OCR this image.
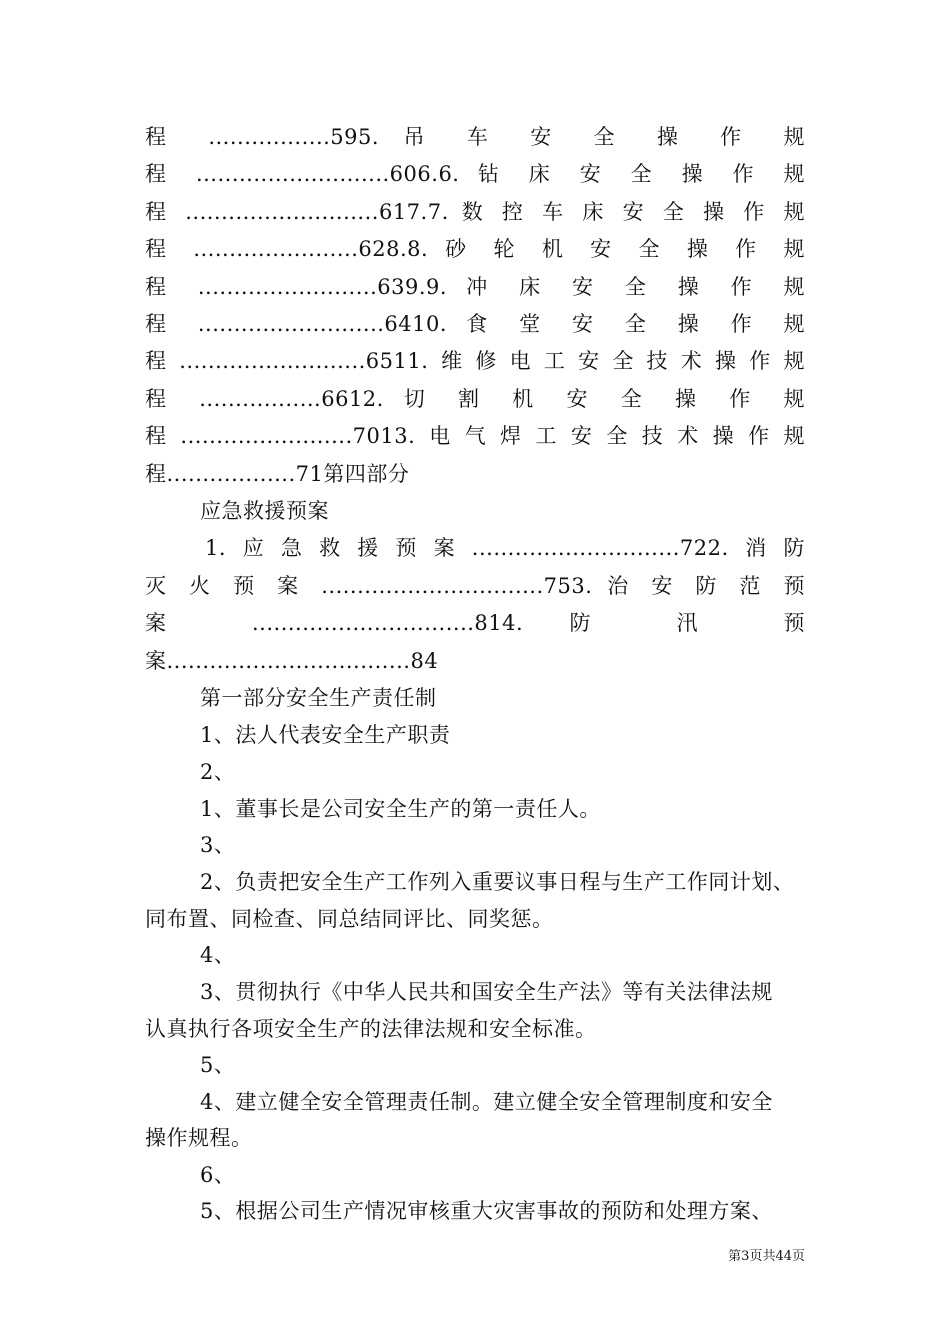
程 .................595. 吊 车 安 全 操 作 规
程 ...........................606.6. 钻 床 安 全 操 作 规
程 ...........................617.7. 数 控 车 床 安 全 操 作 规
程 .......................628.8. 砂 轮 机 安 全 操 作 规
程 .........................639.9. 冲 床 安 全 操 作 规
程 ..........................6410. 食 堂 安 全 操 作 规
程..........................6511.维修电工安全技术操作规
程 .................6612. 切 割 机 安 全 操 作 规
程........................7013.电气焊工安全技术操作规
程..................71第四部分
应急救援预案
1.应急救援预案.............................722.消防
灭 火 预 案 ...............................753. 治 安 防 范 预
案 ...............................814. 防 汛 预
案..................................84
第一部分安全生产责任制
1、法人代表安全生产职责
2、
1、董事长是公司安全生产的第一责任人。
3、
2、负责把安全生产工作列入重要议事日程与生产工作同计划、
同布置、同检查、同总结同评比、同奖惩。
4、
3、贯彻执行《中华人民共和国安全生产法》等有关法律法规
认真执行各项安全生产的法律法规和安全标准。
5、
4、建立健全安全管理责任制。建立健全安全管理制度和安全
操作规程。
6、
5、根据公司生产情况审核重大灾害事故的预防和处理方案、
第3页共44页
